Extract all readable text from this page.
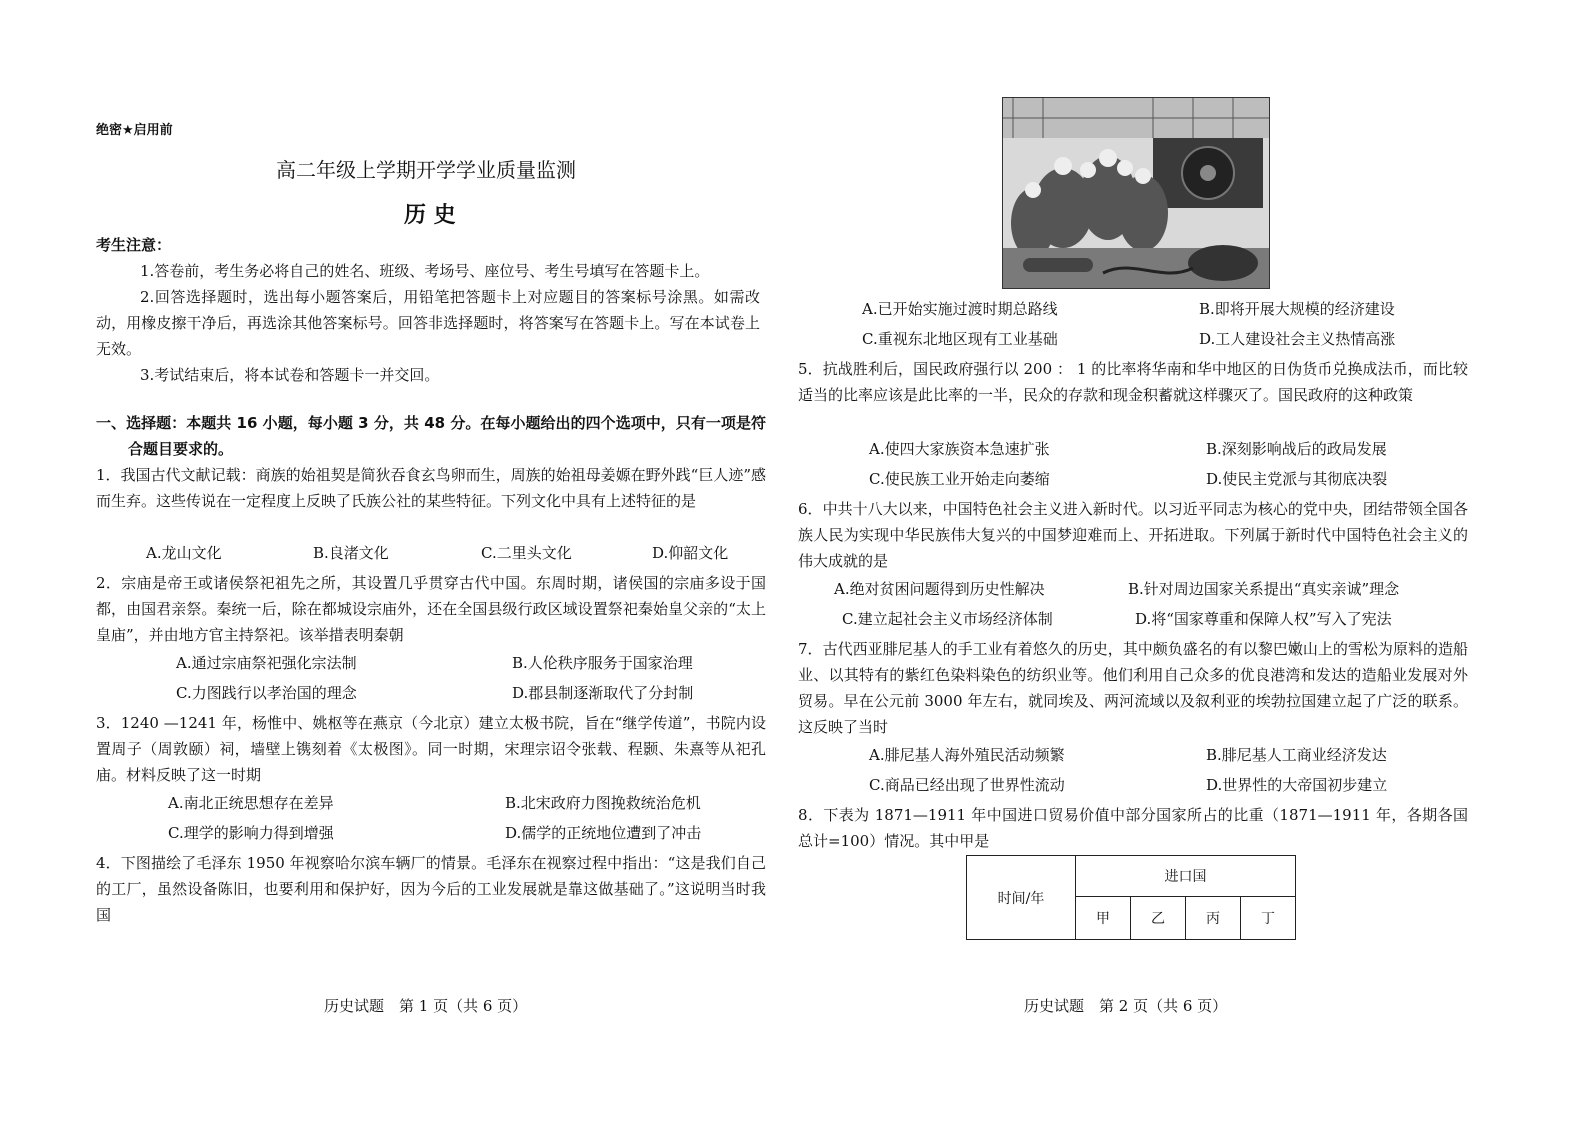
绝密★启用前
高二年级上学期开学学业质量监测
历 史
考生注意：
1.答卷前，考生务必将自己的姓名、班级、考场号、座位号、考生号填写在答题卡上。
2.回答选择题时，选出每小题答案后，用铅笔把答题卡上对应题目的答案标号涂黑。如需改动，用橡皮擦干净后，再选涂其他答案标号。回答非选择题时，将答案写在答题卡上。写在本试卷上无效。
3.考试结束后，将本试卷和答题卡一并交回。
一、选择题：本题共 16 小题，每小题 3 分，共 48 分。在每小题给出的四个选项中，只有一项是符合题目要求的。
1．我国古代文献记载：商族的始祖契是简狄吞食玄鸟卵而生，周族的始祖母姜嫄在野外践“巨人迹”感而生弃。这些传说在一定程度上反映了氏族公社的某些特征。下列文化中具有上述特征的是
A.龙山文化	B.良渚文化	C.二里头文化	D.仰韶文化
2．宗庙是帝王或诸侯祭祀祖先之所，其设置几乎贯穿古代中国。东周时期，诸侯国的宗庙多设于国都，由国君亲祭。秦统一后，除在都城设宗庙外，还在全国县级行政区域设置祭祀秦始皇父亲的“太上皇庙”，并由地方官主持祭祀。该举措表明秦朝
A.通过宗庙祭祀强化宗法制	B.人伦秩序服务于国家治理
C.力图践行以孝治国的理念	D.郡县制逐渐取代了分封制
3．1240 —1241 年，杨惟中、姚枢等在燕京（今北京）建立太极书院，旨在“继学传道”，书院内设置周子（周敦颐）祠，墙壁上镌刻着《太极图》。同一时期，宋理宗诏令张载、程颢、朱熹等从祀孔庙。材料反映了这一时期
A.南北正统思想存在差异	B.北宋政府力图挽救统治危机
C.理学的影响力得到增强	D.儒学的正统地位遭到了冲击
4．下图描绘了毛泽东 1950 年视察哈尔滨车辆厂的情景。毛泽东在视察过程中指出：“这是我们自己的工厂，虽然设备陈旧，也要利用和保护好，因为今后的工业发展就是靠这做基础了。”这说明当时我国
历史试题　第 1 页（共 6 页）
A.已开始实施过渡时期总路线	B.即将开展大规模的经济建设
C.重视东北地区现有工业基础	D.工人建设社会主义热情高涨
5．抗战胜利后，国民政府强行以 200 ： 1 的比率将华南和华中地区的日伪货币兑换成法币，而比较适当的比率应该是此比率的一半，民众的存款和现金积蓄就这样骤灭了。国民政府的这种政策
A.使四大家族资本急速扩张	B.深刻影响战后的政局发展
C.使民族工业开始走向萎缩	D.使民主党派与其彻底决裂
6．中共十八大以来，中国特色社会主义进入新时代。以习近平同志为核心的党中央，团结带领全国各族人民为实现中华民族伟大复兴的中国梦迎难而上、开拓进取。下列属于新时代中国特色社会主义的伟大成就的是
A.绝对贫困问题得到历史性解决	B.针对周边国家关系提出“真实亲诚”理念
C.建立起社会主义市场经济体制	D.将“国家尊重和保障人权”写入了宪法
7．古代西亚腓尼基人的手工业有着悠久的历史，其中颇负盛名的有以黎巴嫩山上的雪松为原料的造船业、以其特有的紫红色染料染色的纺织业等。他们利用自己众多的优良港湾和发达的造船业发展对外贸易。早在公元前 3000 年左右，就同埃及、两河流域以及叙利亚的埃勃拉国建立起了广泛的联系。这反映了当时
A.腓尼基人海外殖民活动频繁	B.腓尼基人工商业经济发达
C.商品已经出现了世界性流动	D.世界性的大帝国初步建立
8．下表为 1871—1911 年中国进口贸易价值中部分国家所占的比重（1871—1911 年，各期各国总计=100）情况。其中甲是
时间/年	进口国			
	甲	乙	丙	丁
历史试题　第 2 页（共 6 页）
